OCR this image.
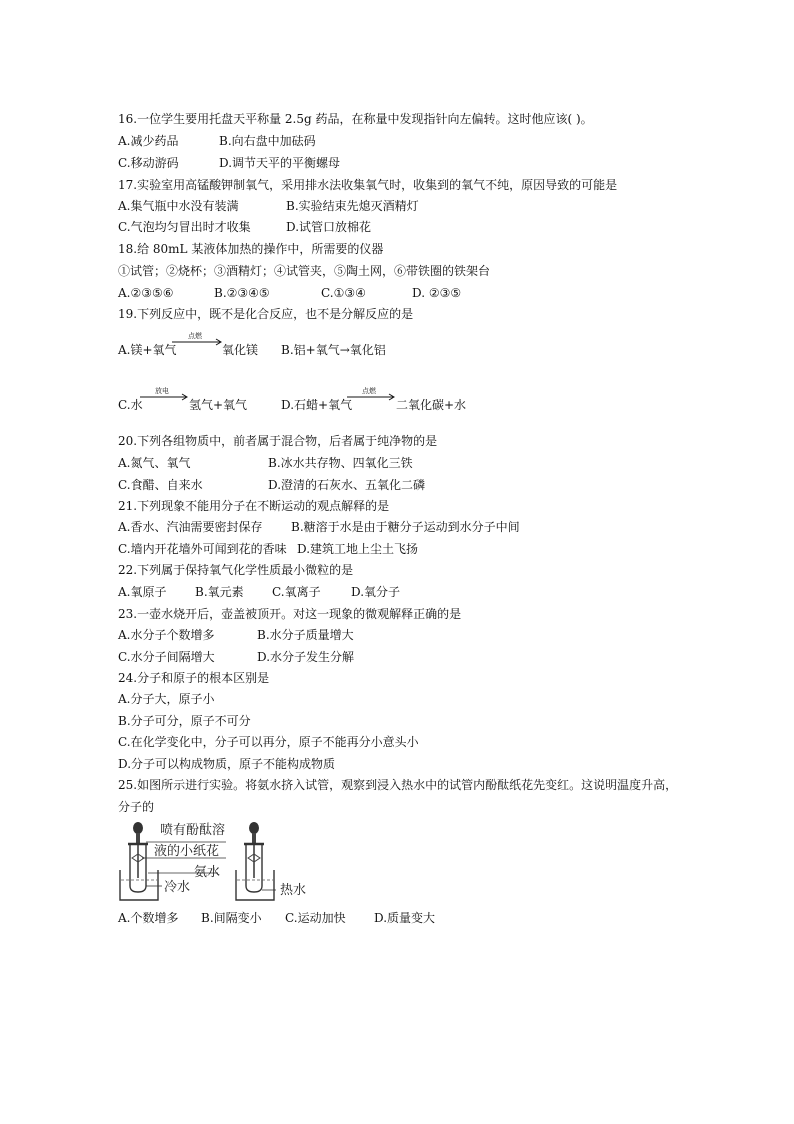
16.一位学生要用托盘天平称量 2.5g 药品，在称量中发现指针向左偏转。这时他应该( )。
A.减少药品	B.向右盘中加砝码
C.移动游码	D.调节天平的平衡螺母
17.实验室用高锰酸钾制氧气，采用排水法收集氧气时，收集到的氧气不纯，原因导致的可能是
A.集气瓶中水没有装满	B.实验结束先熄灭酒精灯
C.气泡均匀冒出时才收集	D.试管口放棉花
18.给 80mL 某液体加热的操作中，所需要的仪器
①试管；②烧杯；③酒精灯；④试管夹，⑤陶土网，⑥带铁圈的铁架台
A.②③⑤⑥	B.②③④⑤	C.①③④	D. ②③⑤
19.下列反应中，既不是化合反应，也不是分解反应的是
A.镁+氧气
点燃
氧化镁 B.铝+氧气→氧化铝
C.水
放电
氢气+氧气	D.石蜡+氧气
点燃
二氧化碳+水
20.下列各组物质中，前者属于混合物，后者属于纯净物的是
A.氮气、氧气	B.冰水共存物、四氧化三铁
C.食醋、自来水	D.澄清的石灰水、五氧化二磷
21.下列现象不能用分子在不断运动的观点解释的是
A.香水、汽油需要密封保存 B.糖溶于水是由于糖分子运动到水分子中间
C.墙内开花墙外可闻到花的香味 D.建筑工地上尘土飞扬
22.下列属于保持氧气化学性质最小微粒的是
A.氧原子 B.氧元素 C.氧离子	D.氧分子
23.一壶水烧开后，壶盖被顶开。对这一现象的微观解释正确的是
A.水分子个数增多	B.水分子质量增大
C.水分子间隔增大	D.水分子发生分解
24.分子和原子的根本区别是
A.分子大，原子小
B.分子可分，原子不可分
C.在化学变化中，分子可以再分，原子不能再分小意头小
D.分子可以构成物质，原子不能构成物质
25.如图所示进行实验。将氨水挤入试管，观察到浸入热水中的试管内酚酞纸花先变红。这说明温度升高，
分子的
喷有酚酞溶
液的小纸花
氨水
冷水	热水
A.个数增多 B.间隔变小 C.运动加快 D.质量变大
